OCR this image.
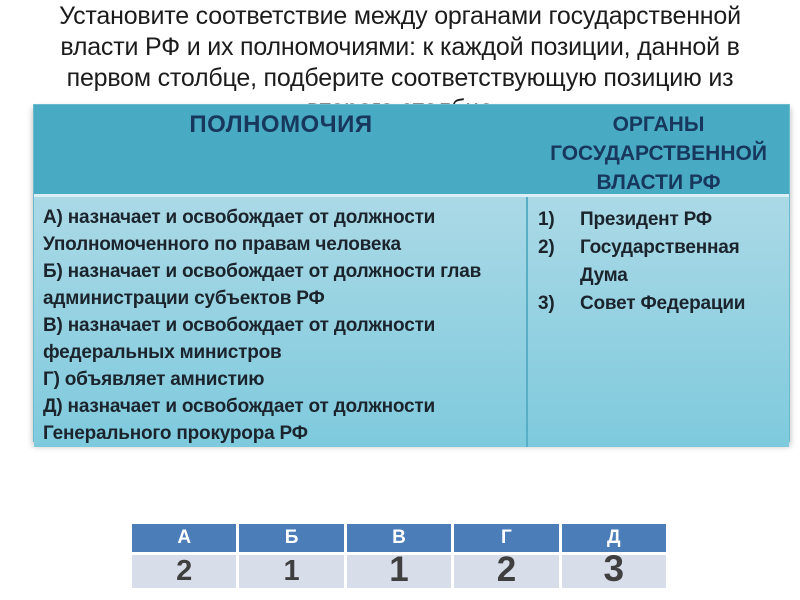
Установите соответствие между органами государственной
власти РФ и их полномочиями: к каждой позиции, данной в
первом столбце, подберите соответствующую позицию из
ПОЛНОМОЧИЯ	ОРГАНЫ ГОСУДАРСТВЕННОЙ ВЛАСТИ РФ
А) назначает и освобождает от должности Уполномоченного по правам человека
Б) назначает и освобождает от должности глав администрации субъектов РФ
В) назначает и освобождает от должности федеральных министров
Г) объявляет амнистию
Д) назначает и освобождает от должности Генерального прокурора РФ
1)	Президент РФ
2)	Государственная Дума
3)	Совет Федерации
А	Б	В	Г	Д
2	1	1	2 3
